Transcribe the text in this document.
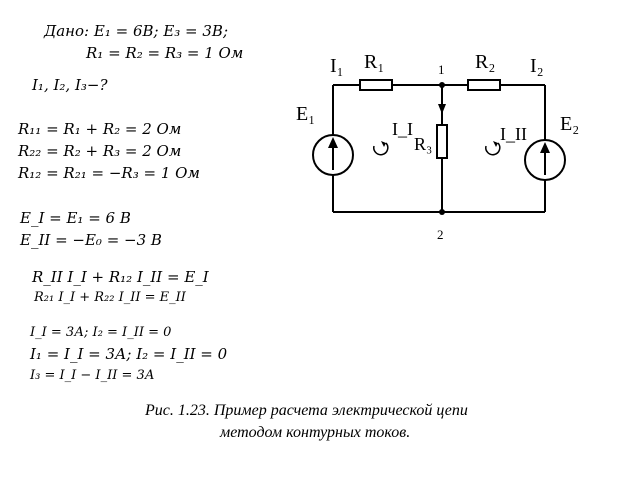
Дано: E₁ = 6В; E₃ = 3В;
R₁ = R₂ = R₃ = 1 Ом
I₁, I₂, I₃−?
R₁₁ = R₁ + R₂ = 2 Ом
R₂₂ = R₂ + R₃ = 2 Ом
R₁₂ = R₂₁ = −R₃ = 1 Ом
E_I = E₁ = 6 В
E_II = −E₀ = −3 В
R_II I_I + R₁₂ I_II = E_I
R₂₁ I_I + R₂₂ I_II = E_II
I_I = 3А; I₂ = I_II = 0
I₁ = I_I = 3А; I₂ = I_II = 0
I₃ = I_I − I_II = 3А
I₁ R₁	1 R₂ I₂
E₁
I_I
R₃	I_II E₂
2
Рис. 1.23. Пример расчета электрической цепи
методом контурных токов.
